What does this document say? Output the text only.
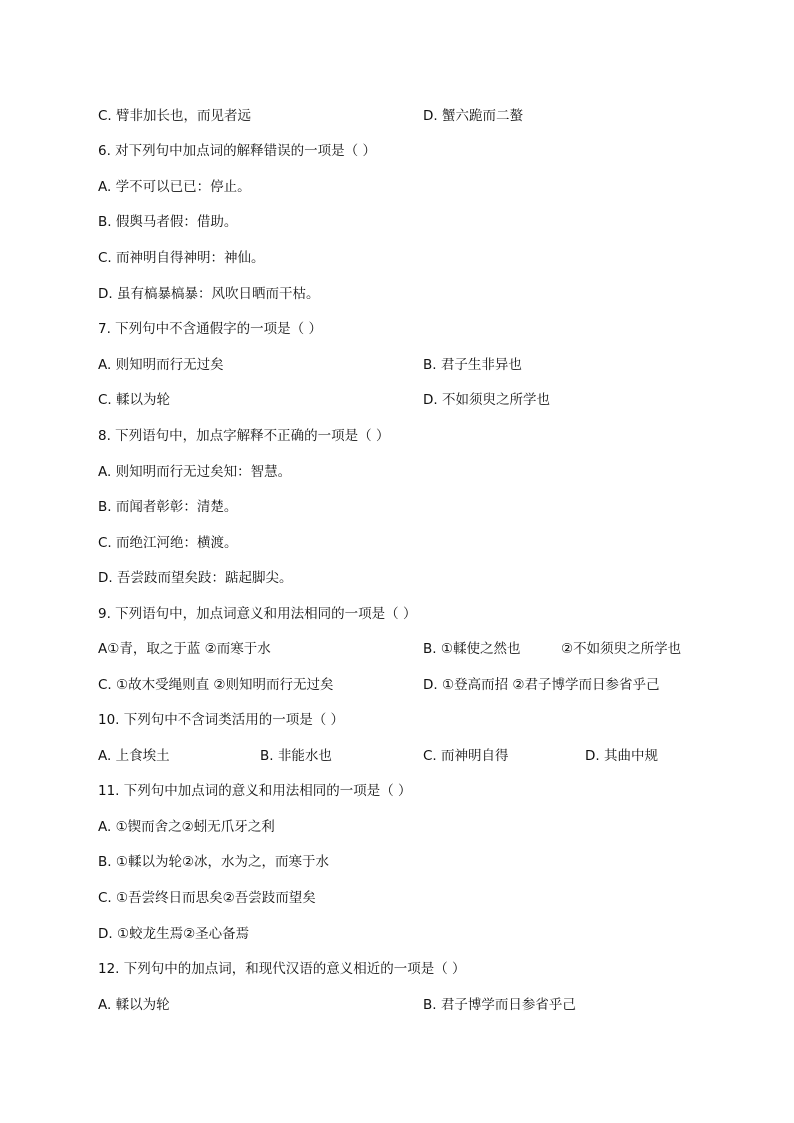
C. 臂非加长也，而见者远	D. 蟹六跪而二螯
6. 对下列句中加点词的解释错误的一项是（ ）
A. 学不可以已已：停止。
B. 假舆马者假：借助。
C. 而神明自得神明：神仙。
D. 虽有槁暴槁暴：风吹日晒而干枯。
7. 下列句中不含通假字的一项是（ ）
A. 则知明而行无过矣	B. 君子生非异也
C. 輮以为轮	D. 不如须臾之所学也
8. 下列语句中，加点字解释不正确的一项是（ ）
A. 则知明而行无过矣知：智慧。
B. 而闻者彰彰：清楚。
C. 而绝江河绝：横渡。
D. 吾尝跂而望矣跂：踮起脚尖。
9. 下列语句中，加点词意义和用法相同的一项是（ ）
A①青，取之于蓝 ②而寒于水	B. ①輮使之然也	②不如须臾之所学也
C. ①故木受绳则直 ②则知明而行无过矣	D. ①登高而招 ②君子博学而日参省乎己
10. 下列句中不含词类活用的一项是（ ）
A. 上食埃土	B. 非能水也	C. 而神明自得	D. 其曲中规
11. 下列句中加点词的意义和用法相同的一项是（ ）
A. ①锲而舍之②蚓无爪牙之利
B. ①輮以为轮②冰，水为之，而寒于水
C. ①吾尝终日而思矣②吾尝跂而望矣
D. ①蛟龙生焉②圣心备焉
12. 下列句中的加点词，和现代汉语的意义相近的一项是（ ）
A. 輮以为轮	B. 君子博学而日参省乎己
